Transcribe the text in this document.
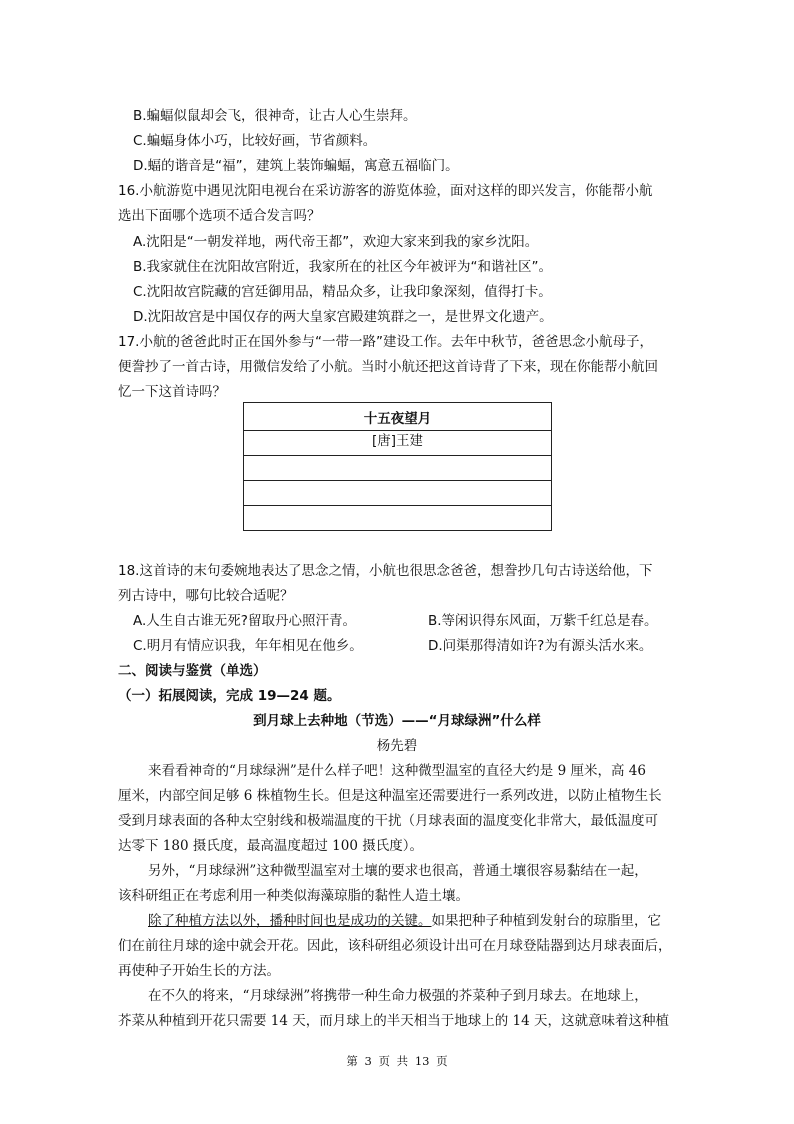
B.蝙蝠似鼠却会飞，很神奇，让古人心生崇拜。
C.蝙蝠身体小巧，比较好画，节省颜料。
D.蝠的谐音是“福”，建筑上装饰蝙蝠，寓意五福临门。
16.小航游览中遇见沈阳电视台在采访游客的游览体验，面对这样的即兴发言，你能帮小航
选出下面哪个选项不适合发言吗？
A.沈阳是“一朝发祥地，两代帝王都”，欢迎大家来到我的家乡沈阳。
B.我家就住在沈阳故宫附近，我家所在的社区今年被评为“和谐社区”。
C.沈阳故宫院藏的宫廷御用品，精品众多，让我印象深刻，值得打卡。
D.沈阳故宫是中国仅存的两大皇家宫殿建筑群之一，是世界文化遗产。
17.小航的爸爸此时正在国外参与“一带一路”建设工作。去年中秋节，爸爸思念小航母子，
便誊抄了一首古诗，用微信发给了小航。当时小航还把这首诗背了下来，现在你能帮小航回
忆一下这首诗吗？
十五夜望月

[唐]王建
18.这首诗的末句委婉地表达了思念之情，小航也很思念爸爸，想誊抄几句古诗送给他，下
列古诗中，哪句比较合适呢？
A.人生自古谁无死?留取丹心照汗青。	B.等闲识得东风面，万紫千红总是春。
C.明月有情应识我，年年相见在他乡。	D.问渠那得清如许?为有源头活水来。
二、阅读与鉴赏（单选）
（一）拓展阅读，完成 19—24 题。
到月球上去种地（节选）——“月球绿洲”什么样
杨先碧
来看看神奇的“月球绿洲”是什么样子吧！这种微型温室的直径大约是 9 厘米，高 46
厘米，内部空间足够 6 株植物生长。但是这种温室还需要进行一系列改进，以防止植物生长
受到月球表面的各种太空射线和极端温度的干扰（月球表面的温度变化非常大，最低温度可
达零下 180 摄氏度，最高温度超过 100 摄氏度）。
另外，“月球绿洲”这种微型温室对土壤的要求也很高，普通土壤很容易黏结在一起，
该科研组正在考虑利用一种类似海藻琼脂的黏性人造土壤。
除了种植方法以外，播种时间也是成功的关键。如果把种子种植到发射台的琼脂里，它
们在前往月球的途中就会开花。因此，该科研组必须设计出可在月球登陆器到达月球表面后，
再使种子开始生长的方法。
在不久的将来，“月球绿洲”将携带一种生命力极强的芥菜种子到月球去。在地球上，
芥菜从种植到开花只需要 14 天，而月球上的半天相当于地球上的 14 天，这就意味着这种植
第 3 页 共 13 页
